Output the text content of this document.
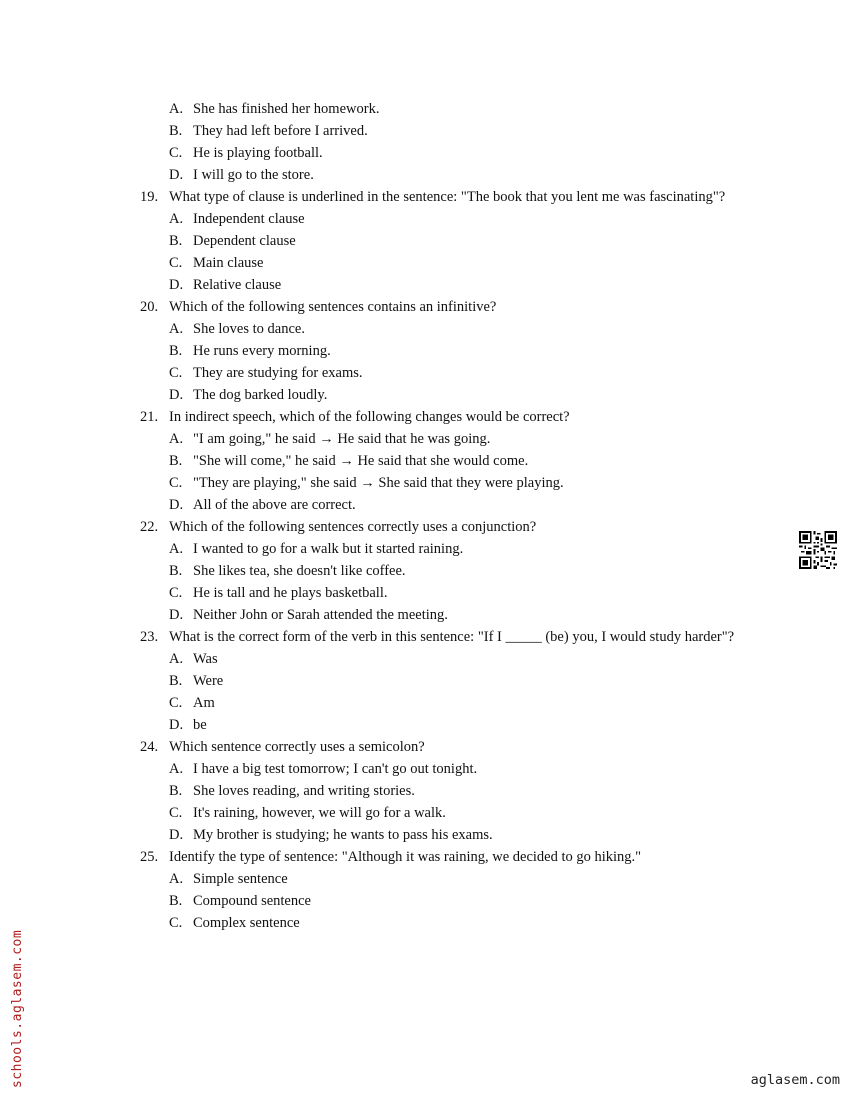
A. She has finished her homework.
B. They had left before I arrived.
C. He is playing football.
D. I will go to the store.
19. What type of clause is underlined in the sentence: "The book that you lent me was fascinating"?
A. Independent clause
B. Dependent clause
C. Main clause
D. Relative clause
20. Which of the following sentences contains an infinitive?
A. She loves to dance.
B. He runs every morning.
C. They are studying for exams.
D. The dog barked loudly.
21. In indirect speech, which of the following changes would be correct?
A. "I am going," he said → He said that he was going.
B. "She will come," he said → He said that she would come.
C. "They are playing," she said → She said that they were playing.
D. All of the above are correct.
22. Which of the following sentences correctly uses a conjunction?
A. I wanted to go for a walk but it started raining.
B. She likes tea, she doesn't like coffee.
C. He is tall and he plays basketball.
D. Neither John or Sarah attended the meeting.
23. What is the correct form of the verb in this sentence: "If I _____ (be) you, I would study harder"?
A. Was
B. Were
C. Am
D. be
24. Which sentence correctly uses a semicolon?
A. I have a big test tomorrow; I can't go out tonight.
B. She loves reading, and writing stories.
C. It's raining, however, we will go for a walk.
D. My brother is studying; he wants to pass his exams.
25. Identify the type of sentence: "Although it was raining, we decided to go hiking."
A. Simple sentence
B. Compound sentence
C. Complex sentence
schools.aglasem.com	aglasem.com
